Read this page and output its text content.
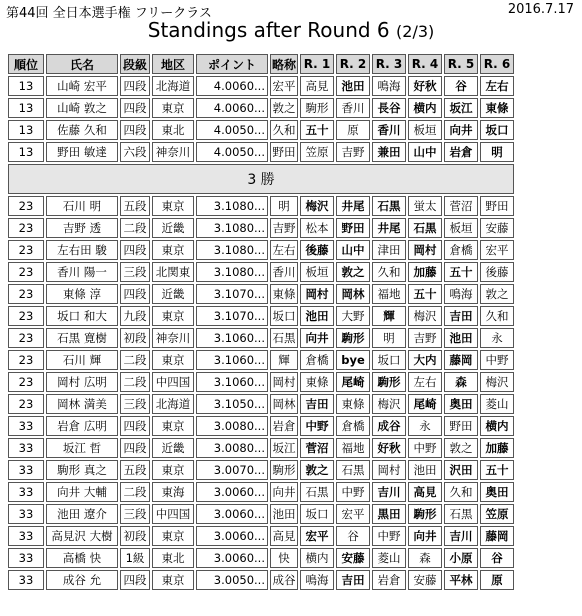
第44回 全日本選手権 フリークラス	2016.7.17
Standings after Round 6 (2/3)
順位	氏名	段級	地区	ポイント	略称	R. 1	R. 2	R. 3	R. 4	R. 5	R. 6
13	山崎 宏平	四段	北海道	4.0060...	宏平	高見	池田	鳴海	好秋	谷	左右
13	山崎 敦之	四段	東京	4.0060...	敦之	駒形	香川	長谷	横内	坂江	東條
13	佐藤 久和	四段	東北	4.0050...	久和	五十	原	香川	板垣	向井	坂口
13	野田 敏達	六段	神奈川	4.0050...	野田	笠原	吉野	兼田	山中	岩倉	明
3 勝											
23	石川 明	五段	東京	3.1080...	明	梅沢	井尾	石黒	蛍太	菅沼	野田
23	吉野 透	二段	近畿	3.1080...	吉野	松本	野田	井尾	石黒	板垣	安藤
23	左右田 駿	四段	東京	3.1080...	左右	後藤	山中	津田	岡村	倉橋	宏平
23	香川 陽一	三段	北関東	3.1080...	香川	板垣	敦之	久和	加藤	五十	後藤
23	東條 淳	四段	近畿	3.1070...	東條	岡村	岡林	福地	五十	鳴海	敦之
23	坂口 和大	九段	東京	3.1070...	坂口	池田	大野	輝	梅沢	吉田	久和
23	石黒 寛樹	初段	神奈川	3.1060...	石黒	向井	駒形	明	吉野	池田	永
23	石川 輝	二段	東京	3.1060...	輝	倉橋	bye	坂口	大内	藤岡	中野
23	岡村 広明	二段	中四国	3.1060...	岡村	東條	尾崎	駒形	左右	森	梅沢
23	岡林 満美	三段	北海道	3.1050...	岡林	吉田	東條	梅沢	尾崎	奥田	菱山
33	岩倉 広明	四段	東京	3.0080...	岩倉	中野	倉橋	成谷	永	野田	横内
33	坂江 哲	四段	近畿	3.0080...	坂江	菅沼	福地	好秋	中野	敦之	加藤
33	駒形 真之	五段	東京	3.0070...	駒形	敦之	石黒	岡村	池田	沢田	五十
33	向井 大輔	二段	東海	3.0060...	向井	石黒	中野	吉川	高見	久和	奥田
33	池田 遼介	三段	中四国	3.0060...	池田	坂口	宏平	黒田	駒形	石黒	笠原
33	高見沢 大樹	初段	東京	3.0060...	高見	宏平	谷	中野	向井	吉川	藤岡
33	高橋 快	1級	東北	3.0060...	快	横内	安藤	菱山	森	小原	谷
33	成谷 允	四段	東京	3.0050...	成谷	鳴海	吉田	岩倉	安藤	平林	原
